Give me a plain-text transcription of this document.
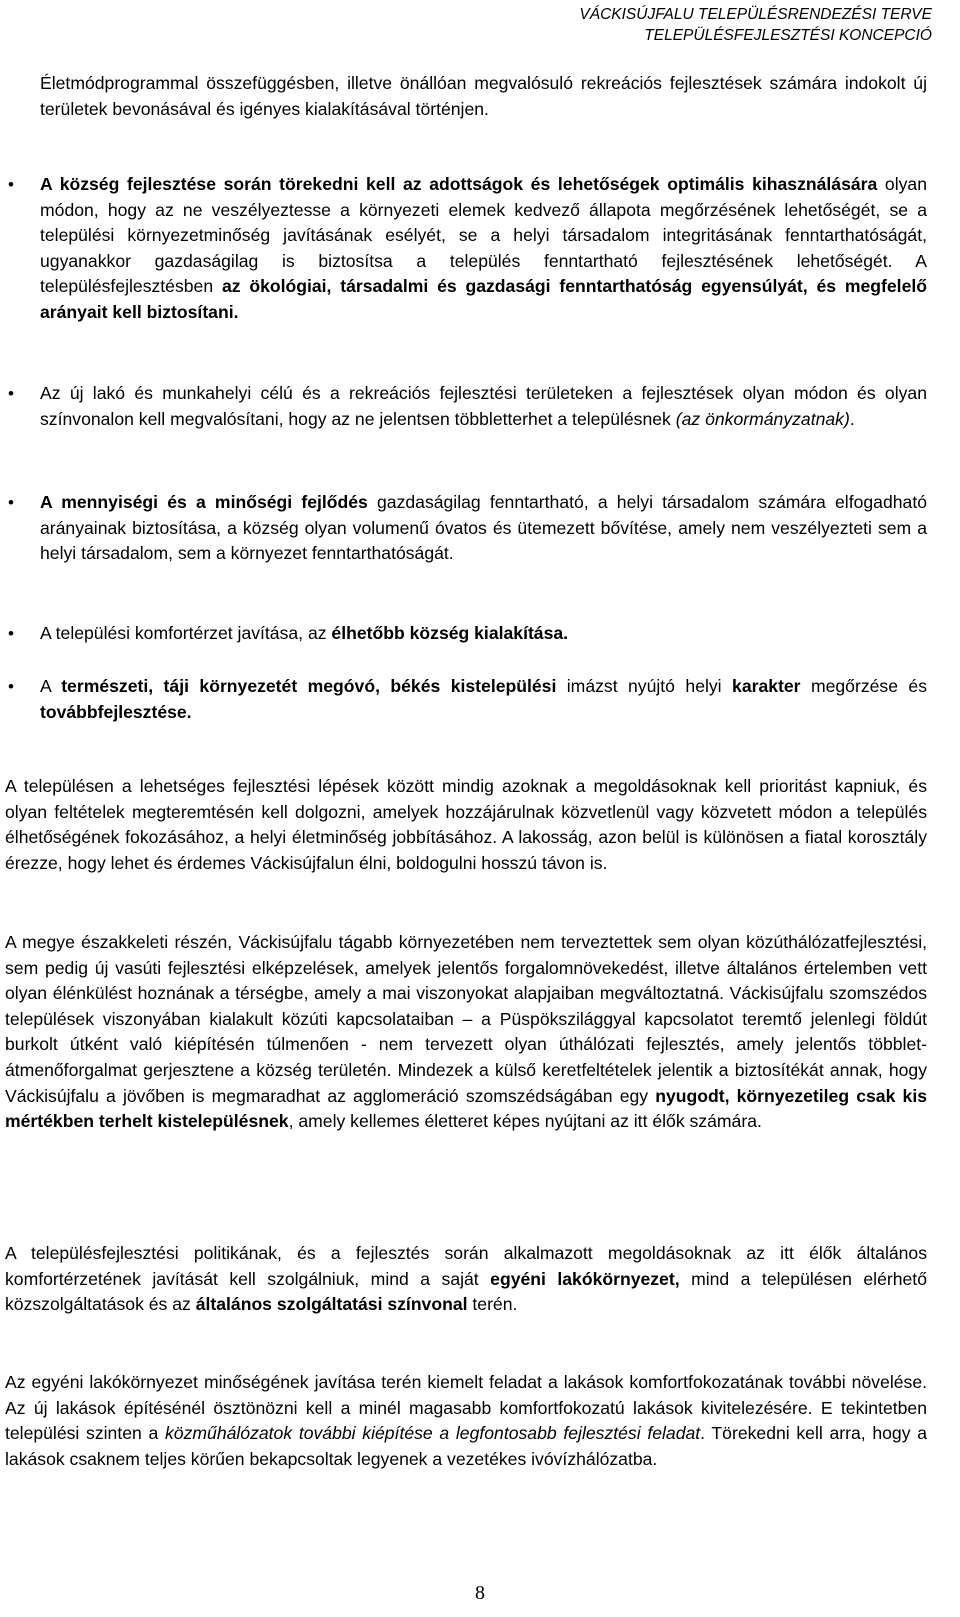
VÁCKISÚJFALU TELEPÜLÉSRENDEZÉSI TERVE
TELEPÜLÉSFEJLESZTÉSI KONCEPCIÓ
Életmódprogrammal összefüggésben, illetve önállóan megvalósuló rekreációs fejlesztések számára indokolt új területek bevonásával és igényes kialakításával történjen.
• A község fejlesztése során törekedni kell az adottságok és lehetőségek optimális kihasználására olyan módon, hogy az ne veszélyeztesse a környezeti elemek kedvező állapota megőrzésének lehetőségét, se a települési környezetminőség javításának esélyét, se a helyi társadalom integritásának fenntarthatóságát, ugyanakkor gazdaságilag is biztosítsa a település fenntartható fejlesztésének lehetőségét. A településfejlesztésben az ökológiai, társadalmi és gazdasági fenntarthatóság egyensúlyát, és megfelelő arányait kell biztosítani.
• Az új lakó és munkahelyi célú és a rekreációs fejlesztési területeken a fejlesztések olyan módon és olyan színvonalon kell megvalósítani, hogy az ne jelentsen többletterhet a településnek (az önkormányzatnak).
• A mennyiségi és a minőségi fejlődés gazdaságilag fenntartható, a helyi társadalom számára elfogadható arányainak biztosítása, a község olyan volumenű óvatos és ütemezett bővítése, amely nem veszélyezteti sem a helyi társadalom, sem a környezet fenntarthatóságát.
• A települési komfortérzet javítása, az élhetőbb község kialakítása.
• A természeti, táji környezetét megóvó, békés kistelepülési imázst nyújtó helyi karakter megőrzése és továbbfejlesztése.
A településen a lehetséges fejlesztési lépések között mindig azoknak a megoldásoknak kell prioritást kapniuk, és olyan feltételek megteremtésén kell dolgozni, amelyek hozzájárulnak közvetlenül vagy közvetett módon a település élhetőségének fokozásához, a helyi életminőség jobbításához. A lakosság, azon belül is különösen a fiatal korosztály érezze, hogy lehet és érdemes Váckisújfalun élni, boldogulni hosszú távon is.
A megye északkeleti részén, Váckisújfalu tágabb környezetében nem terveztettek sem olyan közúthálózatfejlesztési, sem pedig új vasúti fejlesztési elképzelések, amelyek jelentős forgalomnövekedést, illetve általános értelemben vett olyan élénkülést hoznának a térségbe, amely a mai viszonyokat alapjaiban megváltoztatná. Váckisújfalu szomszédos települések viszonyában kialakult közúti kapcsolataiban – a Püspökszilággyal kapcsolatot teremtő jelenlegi földút burkolt útként való kiépítésén túlmenően - nem tervezett olyan úthálózati fejlesztés, amely jelentős többlet-átmenőforgalmat gerjesztene a község területén. Mindezek a külső keretfeltételek jelentik a biztosítékát annak, hogy Váckisújfalu a jövőben is megmaradhat az agglomeráció szomszédságában egy nyugodt, környezetileg csak kis mértékben terhelt kistelepülésnek, amely kellemes életteret képes nyújtani az itt élők számára.
A településfejlesztési politikának, és a fejlesztés során alkalmazott megoldásoknak az itt élők általános komfortérzetének javítását kell szolgálniuk, mind a saját egyéni lakókörnyezet, mind a településen elérhető közszolgáltatások és az általános szolgáltatási színvonal terén.
Az egyéni lakókörnyezet minőségének javítása terén kiemelt feladat a lakások komfortfokozatának további növelése. Az új lakások építésénél ösztönözni kell a minél magasabb komfortfokozatú lakások kivitelezésére. E tekintetben települési szinten a közműhálózatok további kiépítése a legfontosabb fejlesztési feladat. Törekedni kell arra, hogy a lakások csaknem teljes körűen bekapcsoltak legyenek a vezetékes ivóvízhálózatba.
8
